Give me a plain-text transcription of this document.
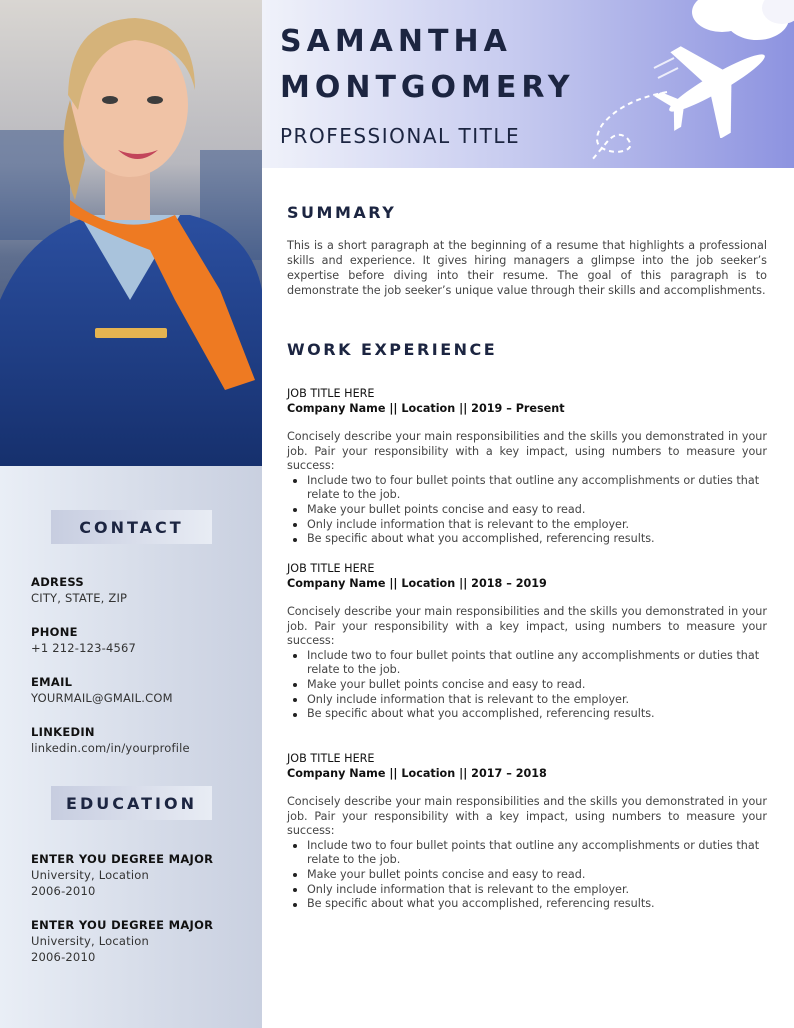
CONTACT
ADRESS
CITY, STATE, ZIP
PHONE
+1 212-123-4567
EMAIL
YOURMAIL@GMAIL.COM
LINKEDIN
linkedin.com/in/yourprofile
EDUCATION
ENTER YOU DEGREE MAJOR
University, Location
2006-2010
ENTER YOU DEGREE MAJOR
University, Location
2006-2010
SAMANTHA
MONTGOMERY
PROFESSIONAL TITLE
SUMMARY
This is a short paragraph at the beginning of a resume that highlights a professional skills and experience. It gives hiring managers a glimpse into the job seeker’s expertise before diving into their resume. The goal of this paragraph is to demonstrate the job seeker’s unique value through their skills and accomplishments.
WORK EXPERIENCE
JOB TITLE HERE
Company Name || Location || 2019 – Present
Concisely describe your main responsibilities and the skills you demonstrated in your job. Pair your responsibility with a key impact, using numbers to measure your success:
Include two to four bullet points that outline any accomplishments or duties that relate to the job.
Make your bullet points concise and easy to read.
Only include information that is relevant to the employer.
Be specific about what you accomplished, referencing results.
JOB TITLE HERE
Company Name || Location || 2018 – 2019
Concisely describe your main responsibilities and the skills you demonstrated in your job. Pair your responsibility with a key impact, using numbers to measure your success:
Include two to four bullet points that outline any accomplishments or duties that relate to the job.
Make your bullet points concise and easy to read.
Only include information that is relevant to the employer.
Be specific about what you accomplished, referencing results.
JOB TITLE HERE
Company Name || Location || 2017 – 2018
Concisely describe your main responsibilities and the skills you demonstrated in your job. Pair your responsibility with a key impact, using numbers to measure your success:
Include two to four bullet points that outline any accomplishments or duties that relate to the job.
Make your bullet points concise and easy to read.
Only include information that is relevant to the employer.
Be specific about what you accomplished, referencing results.
